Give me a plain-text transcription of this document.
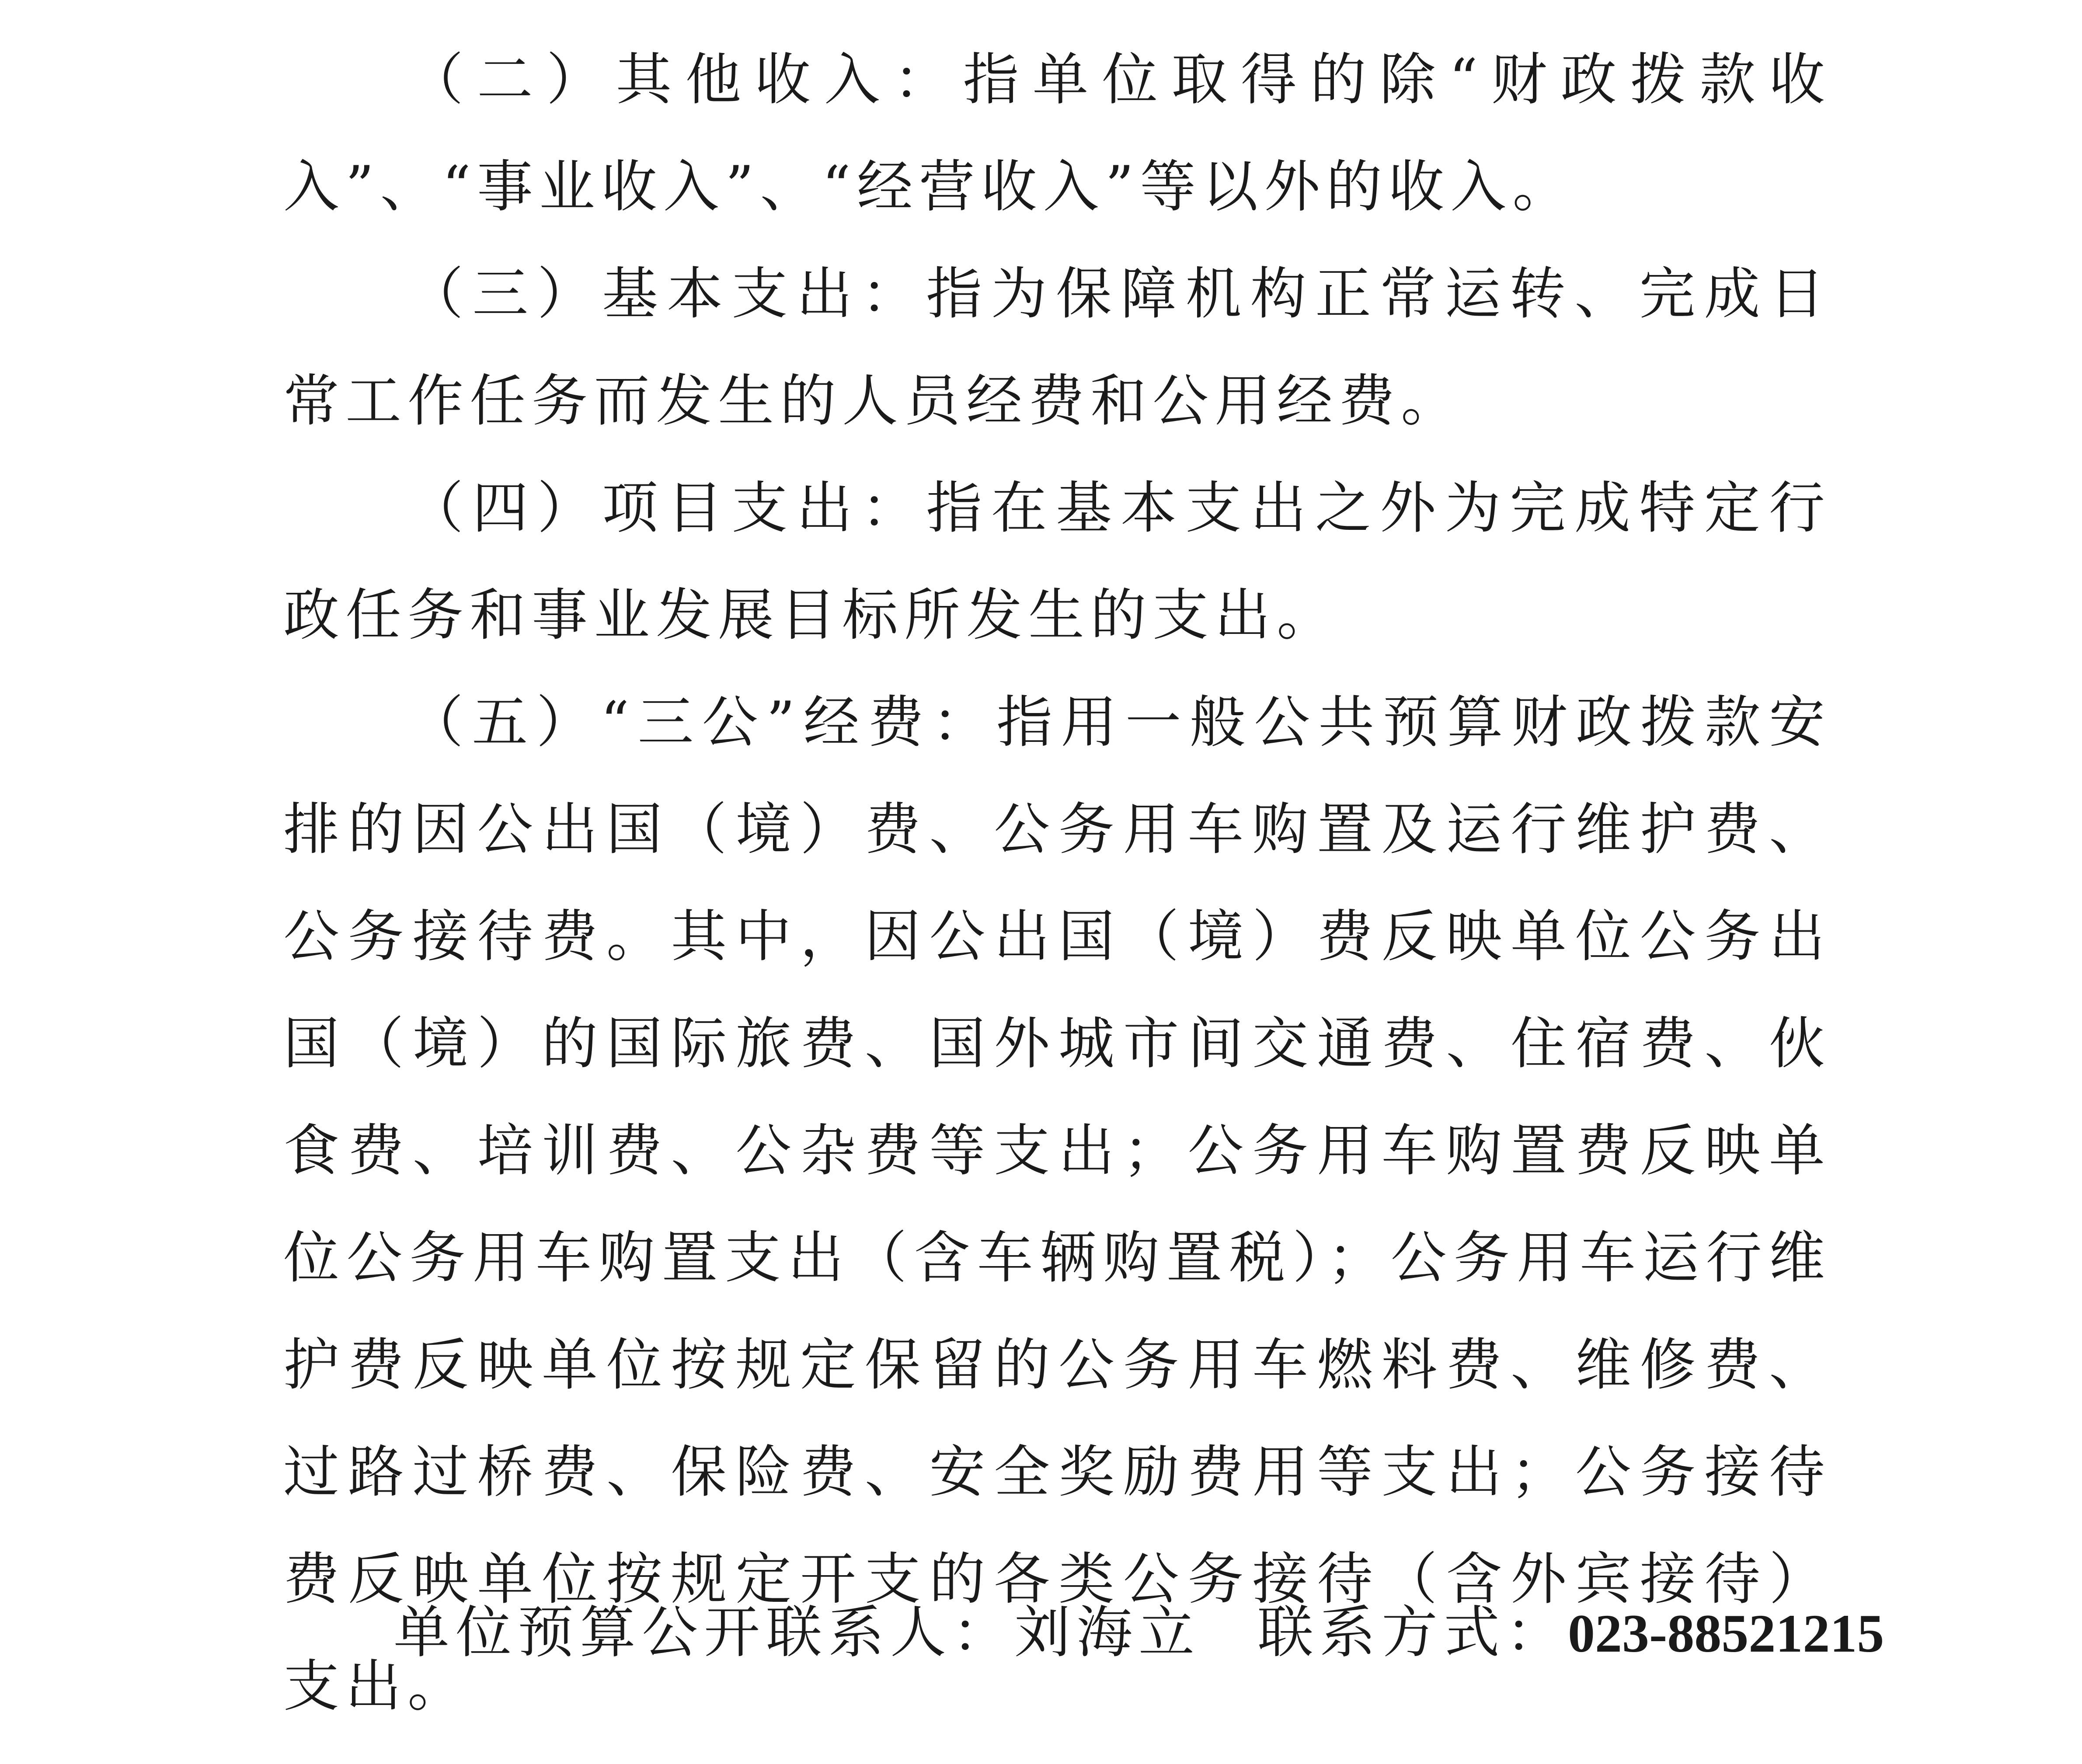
（二）其他收入：指单位取得的除“财政拨款收入”、“事业收入”、“经营收入”等以外的收入。

（三）基本支出：指为保障机构正常运转、完成日常工作任务而发生的人员经费和公用经费。

（四）项目支出：指在基本支出之外为完成特定行政任务和事业发展目标所发生的支出。

（五）“三公”经费：指用一般公共预算财政拨款安排的因公出国（境）费、公务用车购置及运行维护费、公务接待费。其中，因公出国（境）费反映单位公务出国（境）的国际旅费、国外城市间交通费、住宿费、伙食费、培训费、公杂费等支出；公务用车购置费反映单位公务用车购置支出（含车辆购置税）；公务用车运行维护费反映单位按规定保留的公务用车燃料费、维修费、过路过桥费、保险费、安全奖励费用等支出；公务接待费反映单位按规定开支的各类公务接待（含外宾接待）支出。

单位预算公开联系人：刘海立 联系方式：023-88521215
